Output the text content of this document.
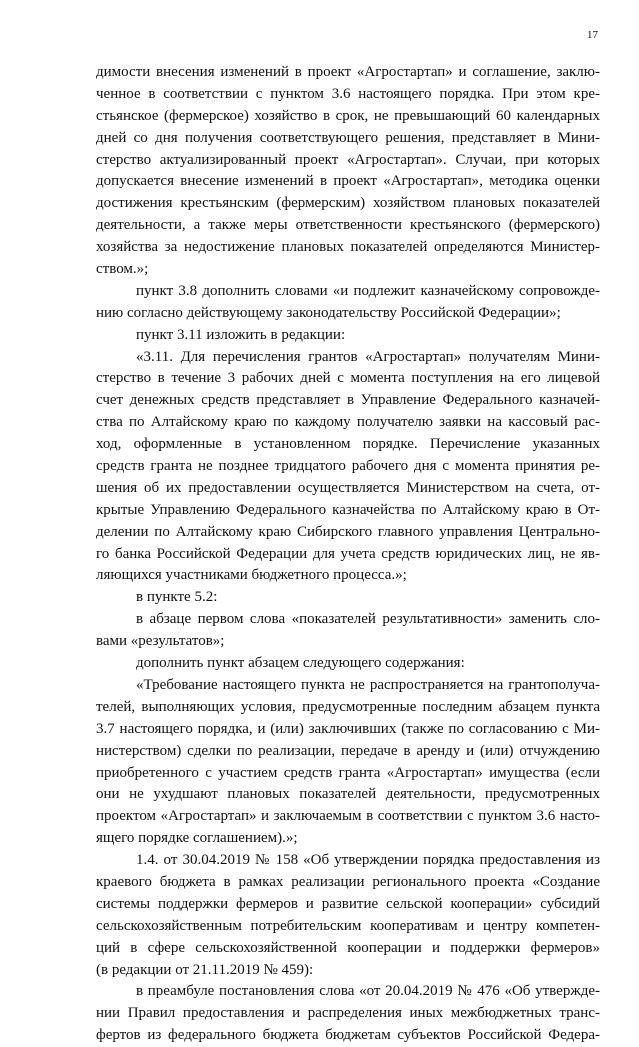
17
димости внесения изменений в проект «Агростартап» и соглашение, заклю-
ченное в соответствии с пунктом 3.6 настоящего порядка. При этом кре-
стьянское (фермерское) хозяйство в срок, не превышающий 60 календарных
дней со дня получения соответствующего решения, представляет в Мини-
стерство актуализированный проект «Агростартап». Случаи, при которых
допускается внесение изменений в проект «Агростартап», методика оценки
достижения крестьянским (фермерским) хозяйством плановых показателей
деятельности, а также меры ответственности крестьянского (фермерского)
хозяйства за недостижение плановых показателей определяются Министер-
ством.»;
пункт 3.8 дополнить словами «и подлежит казначейскому сопровожде-
нию согласно действующему законодательству Российской Федерации»;
пункт 3.11 изложить в редакции:
«3.11. Для перечисления грантов «Агростартап» получателям Мини-
стерство в течение 3 рабочих дней с момента поступления на его лицевой
счет денежных средств представляет в Управление Федерального казначей-
ства по Алтайскому краю по каждому получателю заявки на кассовый рас-
ход, оформленные в установленном порядке. Перечисление указанных
средств гранта не позднее тридцатого рабочего дня с момента принятия ре-
шения об их предоставлении осуществляется Министерством на счета, от-
крытые Управлению Федерального казначейства по Алтайскому краю в От-
делении по Алтайскому краю Сибирского главного управления Центрально-
го банка Российской Федерации для учета средств юридических лиц, не яв-
ляющихся участниками бюджетного процесса.»;
в пункте 5.2:
в абзаце первом слова «показателей результативности» заменить сло-
вами «результатов»;
дополнить пункт абзацем следующего содержания:
«Требование настоящего пункта не распространяется на грантополуча-
телей, выполняющих условия, предусмотренные последним абзацем пункта
3.7 настоящего порядка, и (или) заключивших (также по согласованию с Ми-
нистерством) сделки по реализации, передаче в аренду и (или) отчуждению
приобретенного с участием средств гранта «Агростартап» имущества (если
они не ухудшают плановых показателей деятельности, предусмотренных
проектом «Агростартап» и заключаемым в соответствии с пунктом 3.6 насто-
ящего порядке соглашением).»;
1.4. от 30.04.2019 № 158 «Об утверждении порядка предоставления из
краевого бюджета в рамках реализации регионального проекта «Создание
системы поддержки фермеров и развитие сельской кооперации» субсидий
сельскохозяйственным потребительским кооперативам и центру компетен-
ций в сфере сельскохозяйственной кооперации и поддержки фермеров»
(в редакции от 21.11.2019 № 459):
в преамбуле постановления слова «от 20.04.2019 № 476 «Об утвержде-
нии Правил предоставления и распределения иных межбюджетных транс-
фертов из федерального бюджета бюджетам субъектов Российской Федера-
